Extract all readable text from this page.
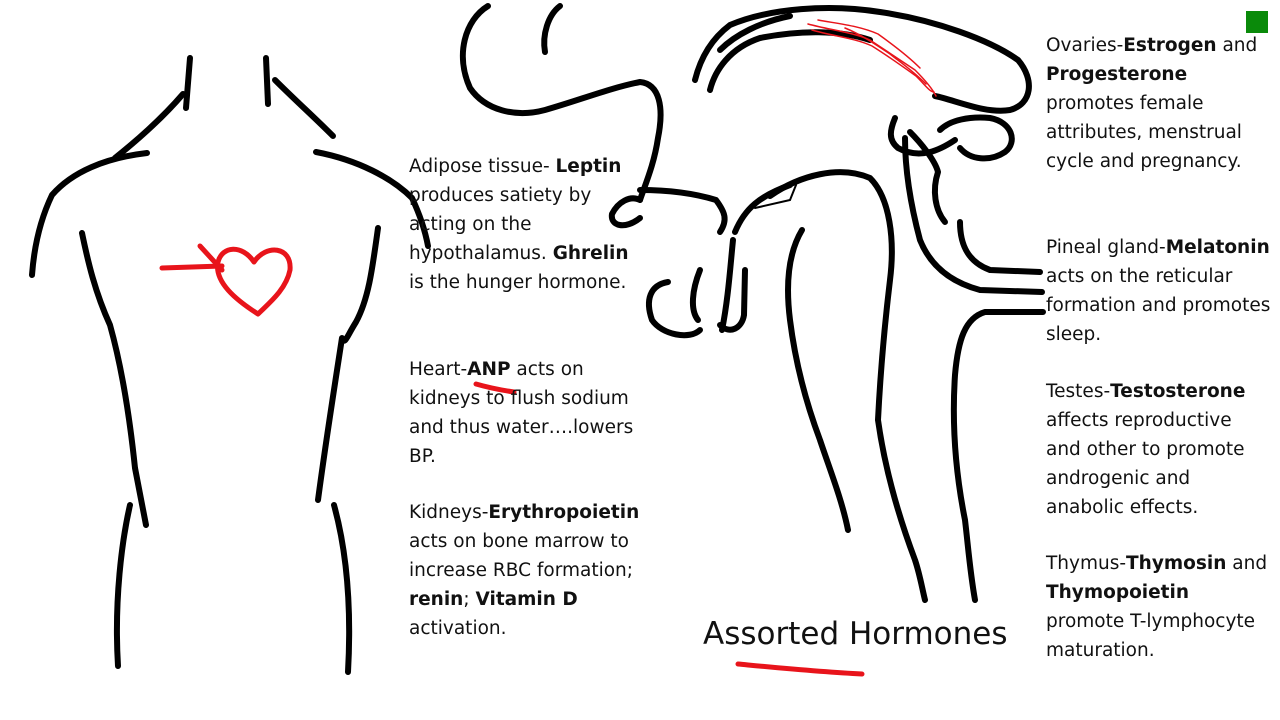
Adipose tissue- Leptin produces satiety by acting on the hypothalamus. Ghrelin is the hunger hormone.
Heart-ANP acts on kidneys to flush sodium and thus water….lowers BP.
Kidneys-Erythropoietin acts on bone marrow to increase RBC formation; renin; Vitamin D activation.
Ovaries-Estrogen and Progesterone promotes female attributes, menstrual cycle and pregnancy.
Pineal gland-Melatonin acts on the reticular formation and promotes sleep.
Testes-Testosterone affects reproductive and other to promote androgenic and anabolic effects.
Thymus-Thymosin and Thymopoietin promote T-lymphocyte maturation.
Assorted Hormones
